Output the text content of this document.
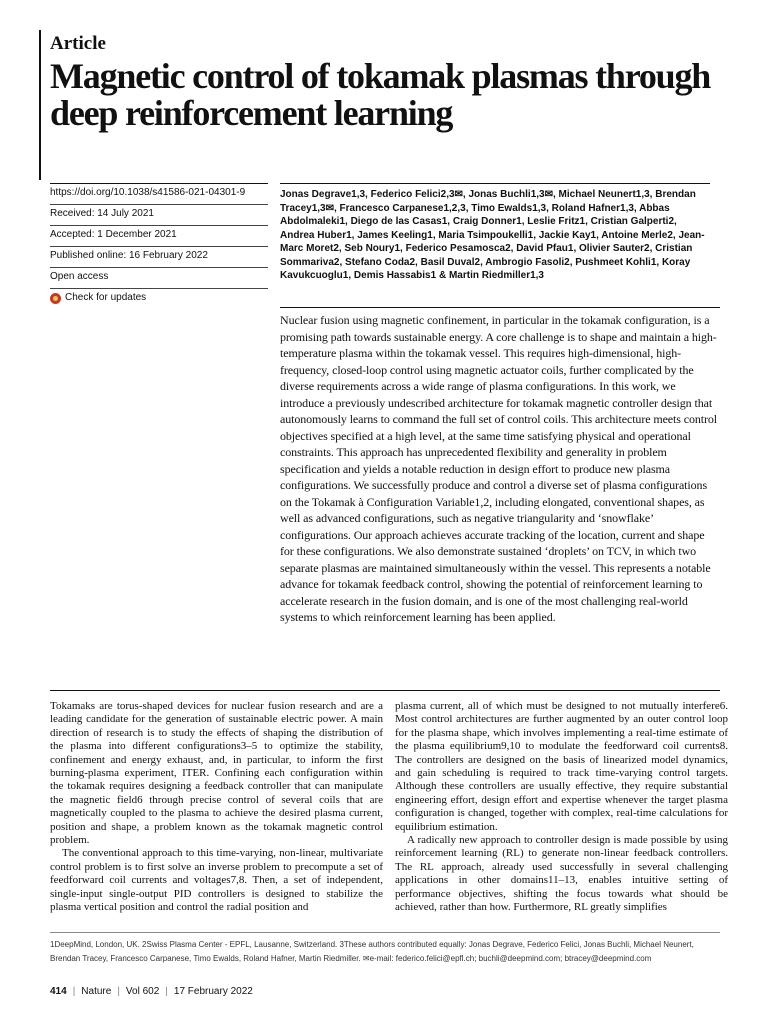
Article
Magnetic control of tokamak plasmas through deep reinforcement learning
https://doi.org/10.1038/s41586-021-04301-9
Received: 14 July 2021
Accepted: 1 December 2021
Published online: 16 February 2022
Open access
Check for updates
Jonas Degrave1,3, Federico Felici2,3✉, Jonas Buchli1,3✉, Michael Neunert1,3, Brendan Tracey1,3✉, Francesco Carpanese1,2,3, Timo Ewalds1,3, Roland Hafner1,3, Abbas Abdolmaleki1, Diego de las Casas1, Craig Donner1, Leslie Fritz1, Cristian Galperti2, Andrea Huber1, James Keeling1, Maria Tsimpoukelli1, Jackie Kay1, Antoine Merle2, Jean-Marc Moret2, Seb Noury1, Federico Pesamosca2, David Pfau1, Olivier Sauter2, Cristian Sommariva2, Stefano Coda2, Basil Duval2, Ambrogio Fasoli2, Pushmeet Kohli1, Koray Kavukcuoglu1, Demis Hassabis1 & Martin Riedmiller1,3
Nuclear fusion using magnetic confinement, in particular in the tokamak configuration, is a promising path towards sustainable energy. A core challenge is to shape and maintain a high-temperature plasma within the tokamak vessel. This requires high-dimensional, high-frequency, closed-loop control using magnetic actuator coils, further complicated by the diverse requirements across a wide range of plasma configurations. In this work, we introduce a previously undescribed architecture for tokamak magnetic controller design that autonomously learns to command the full set of control coils. This architecture meets control objectives specified at a high level, at the same time satisfying physical and operational constraints. This approach has unprecedented flexibility and generality in problem specification and yields a notable reduction in design effort to produce new plasma configurations. We successfully produce and control a diverse set of plasma configurations on the Tokamak à Configuration Variable1,2, including elongated, conventional shapes, as well as advanced configurations, such as negative triangularity and ‘snowflake’ configurations. Our approach achieves accurate tracking of the location, current and shape for these configurations. We also demonstrate sustained ‘droplets’ on TCV, in which two separate plasmas are maintained simultaneously within the vessel. This represents a notable advance for tokamak feedback control, showing the potential of reinforcement learning to accelerate research in the fusion domain, and is one of the most challenging real-world systems to which reinforcement learning has been applied.

Tokamaks are torus-shaped devices for nuclear fusion research and are a leading candidate for the generation of sustainable electric power. A main direction of research is to study the effects of shaping the distribution of the plasma into different configurations3–5 to optimize the stability, confinement and energy exhaust, and, in particular, to inform the first burning-plasma experiment, ITER. Confining each configuration within the tokamak requires designing a feedback controller that can manipulate the magnetic field6 through precise control of several coils that are magnetically coupled to the plasma to achieve the desired plasma current, position and shape, a problem known as the tokamak magnetic control problem.

The conventional approach to this time-varying, non-linear, multivariate control problem is to first solve an inverse problem to precompute a set of feedforward coil currents and voltages7,8. Then, a set of independent, single-input single-output PID controllers is designed to stabilize the plasma vertical position and control the radial position and

plasma current, all of which must be designed to not mutually interfere6. Most control architectures are further augmented by an outer control loop for the plasma shape, which involves implementing a real-time estimate of the plasma equilibrium9,10 to modulate the feedforward coil currents8. The controllers are designed on the basis of linearized model dynamics, and gain scheduling is required to track time-varying control targets. Although these controllers are usually effective, they require substantial engineering effort, design effort and expertise whenever the target plasma configuration is changed, together with complex, real-time calculations for equilibrium estimation.

A radically new approach to controller design is made possible by using reinforcement learning (RL) to generate non-linear feedback controllers. The RL approach, already used successfully in several challenging applications in other domains11–13, enables intuitive setting of performance objectives, shifting the focus towards what should be achieved, rather than how. Furthermore, RL greatly simplifies

1DeepMind, London, UK. 2Swiss Plasma Center - EPFL, Lausanne, Switzerland. 3These authors contributed equally: Jonas Degrave, Federico Felici, Jonas Buchli, Michael Neunert, Brendan Tracey, Francesco Carpanese, Timo Ewalds, Roland Hafner, Martin Riedmiller. ✉e-mail: federico.felici@epfl.ch; buchli@deepmind.com; btracey@deepmind.com
414 | Nature | Vol 602 | 17 February 2022
